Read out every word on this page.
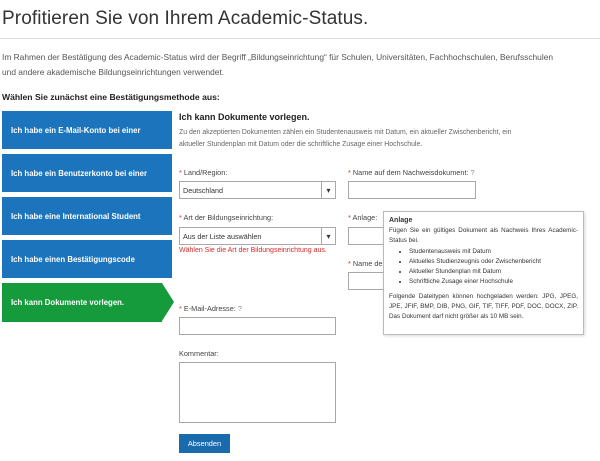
Profitieren Sie von Ihrem Academic-Status.
Im Rahmen der Bestätigung des Academic-Status wird der Begriff „Bildungseinrichtung“ für Schulen, Universitäten, Fachhochschulen, Berufsschulen und andere akademische Bildungseinrichtungen verwendet.
Wählen Sie zunächst eine Bestätigungsmethode aus:
Ich habe ein E-Mail-Konto bei einer
Ich habe ein Benutzerkonto bei einer
Ich habe eine International Student
Ich habe einen Bestätigungscode
Ich kann Dokumente vorlegen.
Ich kann Dokumente vorlegen.
Zu den akzeptierten Dokumenten zählen ein Studentenausweis mit Datum, ein aktueller Zwischenbericht, ein aktueller Stundenplan mit Datum oder die schriftliche Zusage einer Hochschule.
* Land/Region:
Deutschland	▾
* Art der Bildungseinrichtung:
Aus der Liste auswählen	▾
Wählen Sie die Art der Bildungseinrichtung aus.
* Name auf dem Nachweisdokument: ?
* Anlage:
* Name de
* E-Mail-Adresse: ?
Kommentar:
Absenden
Anlage
Fügen Sie ein gültiges Dokument als Nachweis Ihres Academic-Status bei.
• Studentenausweis mit Datum
• Aktuelles Studienzeugnis oder Zwischenbericht
• Aktueller Stundenplan mit Datum
• Schriftliche Zusage einer Hochschule
Folgende Dateitypen können hochgeladen werden: JPG, JPEG, JPE, JFIF, BMP, DIB, PNG, GIF, TIF, TIFF, PDF, DOC, DOCX, ZIP. Das Dokument darf nicht größer als 10 MB sein.
